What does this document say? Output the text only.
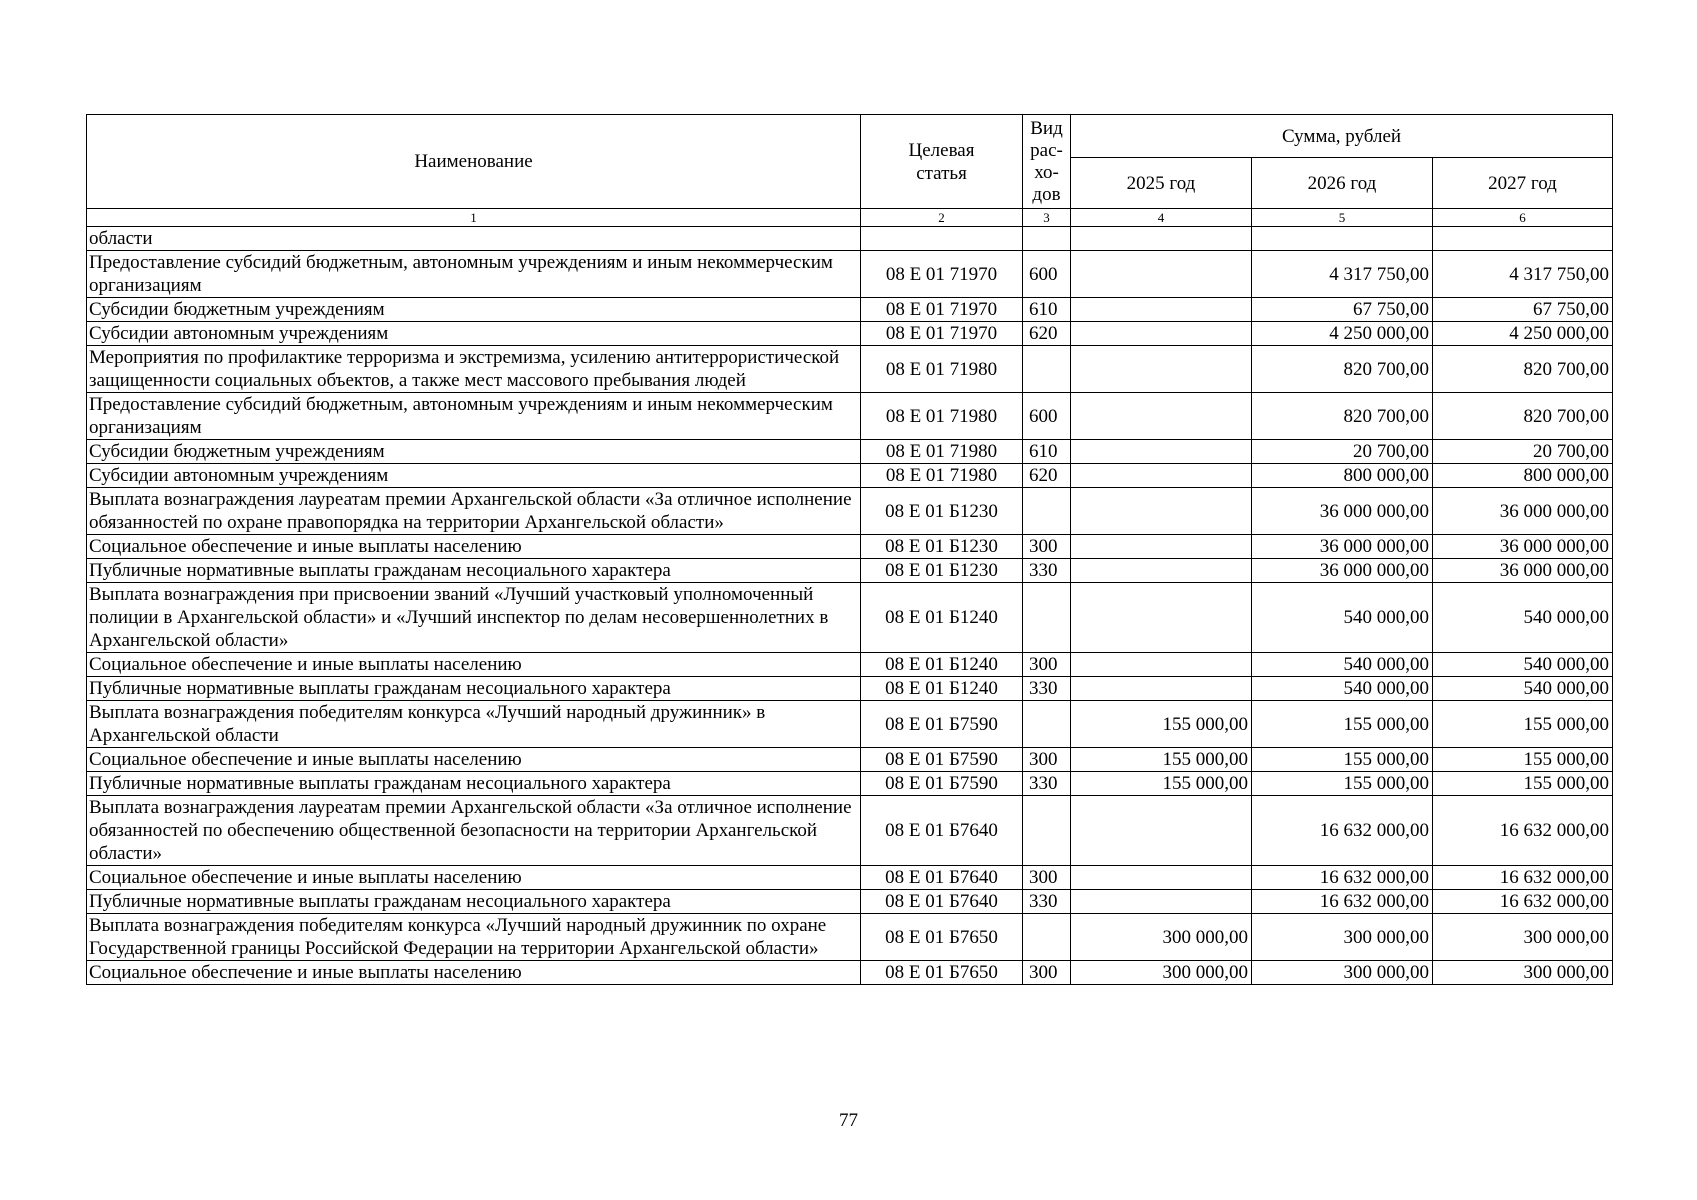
Наименование	Целевая статья	Вид рас-хо-дов	Сумма, рублей		
			2025 год	2026 год	2027 год
1	2	3	4	5	6
области					
Предоставление субсидий бюджетным, автономным учреждениям и иным некоммерческим организациям	08 Е 01 71970	600		4 317 750,00	4 317 750,00
Субсидии бюджетным учреждениям	08 Е 01 71970	610		67 750,00	67 750,00
Субсидии автономным учреждениям	08 Е 01 71970	620		4 250 000,00	4 250 000,00
Мероприятия по профилактике терроризма и экстремизма, усилению антитеррористической защищенности социальных объектов, а также мест массового пребывания людей	08 Е 01 71980			820 700,00	820 700,00
Предоставление субсидий бюджетным, автономным учреждениям и иным некоммерческим организациям	08 Е 01 71980	600		820 700,00	820 700,00
Субсидии бюджетным учреждениям	08 Е 01 71980	610		20 700,00	20 700,00
Субсидии автономным учреждениям	08 Е 01 71980	620		800 000,00	800 000,00
Выплата вознаграждения лауреатам премии Архангельской области «За отличное исполнение обязанностей по охране правопорядка на территории Архангельской области»	08 Е 01 Б1230			36 000 000,00	36 000 000,00
Социальное обеспечение и иные выплаты населению	08 Е 01 Б1230	300		36 000 000,00	36 000 000,00
Публичные нормативные выплаты гражданам несоциального характера	08 Е 01 Б1230	330		36 000 000,00	36 000 000,00
Выплата вознаграждения при присвоении званий «Лучший участковый уполномоченный полиции в Архангельской области» и «Лучший инспектор по делам несовершеннолетних в Архангельской области»	08 Е 01 Б1240			540 000,00	540 000,00
Социальное обеспечение и иные выплаты населению	08 Е 01 Б1240	300		540 000,00	540 000,00
Публичные нормативные выплаты гражданам несоциального характера	08 Е 01 Б1240	330		540 000,00	540 000,00
Выплата вознаграждения победителям конкурса «Лучший народный дружинник» в Архангельской области	08 Е 01 Б7590		155 000,00	155 000,00	155 000,00
Социальное обеспечение и иные выплаты населению	08 Е 01 Б7590	300	155 000,00	155 000,00	155 000,00
Публичные нормативные выплаты гражданам несоциального характера	08 Е 01 Б7590	330	155 000,00	155 000,00	155 000,00
Выплата вознаграждения лауреатам премии Архангельской области «За отличное исполнение обязанностей по обеспечению общественной безопасности на территории Архангельской области»	08 Е 01 Б7640			16 632 000,00	16 632 000,00
Социальное обеспечение и иные выплаты населению	08 Е 01 Б7640	300		16 632 000,00	16 632 000,00
Публичные нормативные выплаты гражданам несоциального характера	08 Е 01 Б7640	330		16 632 000,00	16 632 000,00
Выплата вознаграждения победителям конкурса «Лучший народный дружинник по охране Государственной границы Российской Федерации на территории Архангельской области»	08 Е 01 Б7650		300 000,00	300 000,00	300 000,00
Социальное обеспечение и иные выплаты населению	08 Е 01 Б7650	300	300 000,00	300 000,00	300 000,00
77
